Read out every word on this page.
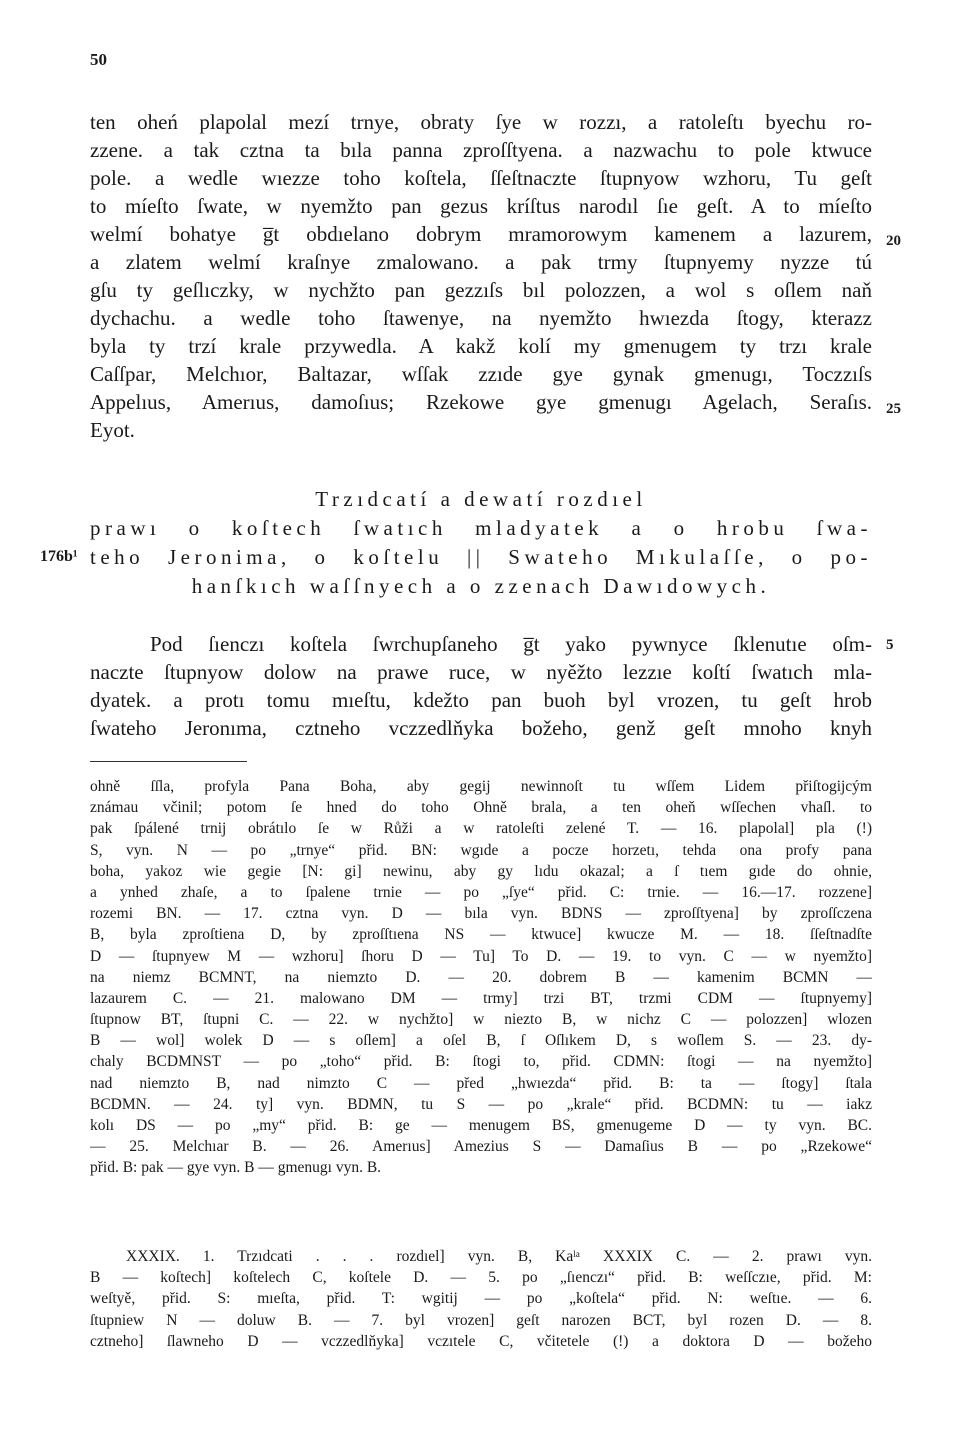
50
ten oheń plapolal mezí trnye, obraty ſye w rozzı, a ratoleſtı byechu ro-
zzene. a tak cztna ta bıla panna zproſſtyena. a nazwachu to pole ktwuce
pole. a wedle wıezze toho koſtela, ſſeſtnaczte ſtupnyow wzhoru, Tu geſt
to míeſto ſwate, w nyemžto pan gezus kríſtus narodıl ſıe geſt. A to míeſto
welmí bohatye g̅t obdıelano dobrym mramorowym kamenem a lazurem,
a zlatem welmí kraſnye zmalowano. a pak trmy ſtupnyemy nyzze tú
gſu ty geſlıczky, w nychžto pan gezzıſs bıl polozzen, a wol s oſlem naň
dychachu. a wedle toho ſtawenye, na nyemžto hwıezda ſtogy, kterazz
byla ty trzí krale przywedla. A kakž kolí my gmenugem ty trzı krale
Caſſpar, Melchıor, Baltazar, wſſak zzıde gye gynak gmenugı, Toczzıſs
Appelıus, Amerıus, damoſıus; Rzekowe gye gmenugı Agelach, Seraſıs.
Eyot.
20
25
5
176b¹
Trzıdcatí a dewatí rozdıel
prawı o koſtech ſwatıch mladyatek a o hrobu ſwa-
teho Jeronima, o koſtelu || Swateho Mıkulaſſe, o po-
hanſkıch waſſnyech a o zzenach Dawıdowych.
Pod ſıenczı koſtela ſwrchupſaneho g̅t yako pywnyce ſklenutıe oſm-
naczte ſtupnyow dolow na prawe ruce, w nyěžto lezzıe koſtí ſwatıch mla-
dyatek. a protı tomu mıeſtu, kdežto pan buoh byl vrozen, tu geſt hrob
ſwateho Jeronıma, cztneho vczzedlňyka božeho, genž geſt mnoho knyh
ohně ſſla, profyla Pana Boha, aby gegij newinnoſt tu wſſem Lidem přiſtogijcým
známau včinil; potom ſe hned do toho Ohně brala, a ten oheň wſſechen vhaſl. to
pak ſpálené trnij obrátılo ſe w Růži a w ratoleſti zelené T. — 16. plapolal] pla (!)
S, vyn. N — po „trnye“ přid. BN: wgıde a pocze horzetı, tehda ona profy pana
boha, yakoz wie gegie [N: gi] newinu, aby gy lıdu okazal; a ſ tıem gıde do ohnie,
a ynhed zhaſe, a to ſpalene trnie — po „ſye“ přid. C: trnie. — 16.—17. rozzene]
rozemi BN. — 17. cztna vyn. D — bıla vyn. BDNS — zproſſtyena] by zproſſczena
B, byla zproſtiena D, by zproſſtıena NS — ktwuce] kwucze M. — 18. ſſeſtnadſte
D — ſtupnyew M — wzhoru] ſhoru D — Tu] To D. — 19. to vyn. C — w nyemžto]
na niemz BCMNT, na niemzto D. — 20. dobrem B — kamenim BCMN —
lazaurem C. — 21. malowano DM — trmy] trzi BT, trzmi CDM — ſtupnyemy]
ſtupnow BT, ſtupni C. — 22. w nychžto] w niezto B, w nichz C — polozzen] wlozen
B — wol] wolek D — s oſlem] a oſel B, ſ Oſlıkem D, s woſlem S. — 23. dy-
chaly BCDMNST — po „toho“ přid. B: ſtogi to, přid. CDMN: ſtogi — na nyemžto]
nad niemzto B, nad nimzto C — před „hwıezda“ přid. B: ta — ſtogy] ſtala
BCDMN. — 24. ty] vyn. BDMN, tu S — po „krale“ přid. BCDMN: tu — iakz
kolı DS — po „my“ přid. B: ge — menugem BS, gmenugeme D — ty vyn. BC.
— 25. Melchıar B. — 26. Amerıus] Amezius S — Damaſius B — po „Rzekowe“
přid. B: pak — gye vyn. B — gmenugı vyn. B.
XXXIX. 1. Trzıdcati . . . rozdıel] vyn. B, Kaˡᵃ XXXIX C. — 2. prawı vyn.
B — koſtech] koſtelech C, koſtele D. — 5. po „ſıenczı“ přid. B: weſſczıe, přid. M:
weſtyě, přid. S: mıeſta, přid. T: wgitij — po „koſtela“ přid. N: weſtıe. — 6.
ſtupniew N — doluw B. — 7. byl vrozen] geſt narozen BCT, byl rozen D. — 8.
cztneho] ſlawneho D — vczzedlňyka] vczıtele C, včitetele (!) a doktora D — božeho
